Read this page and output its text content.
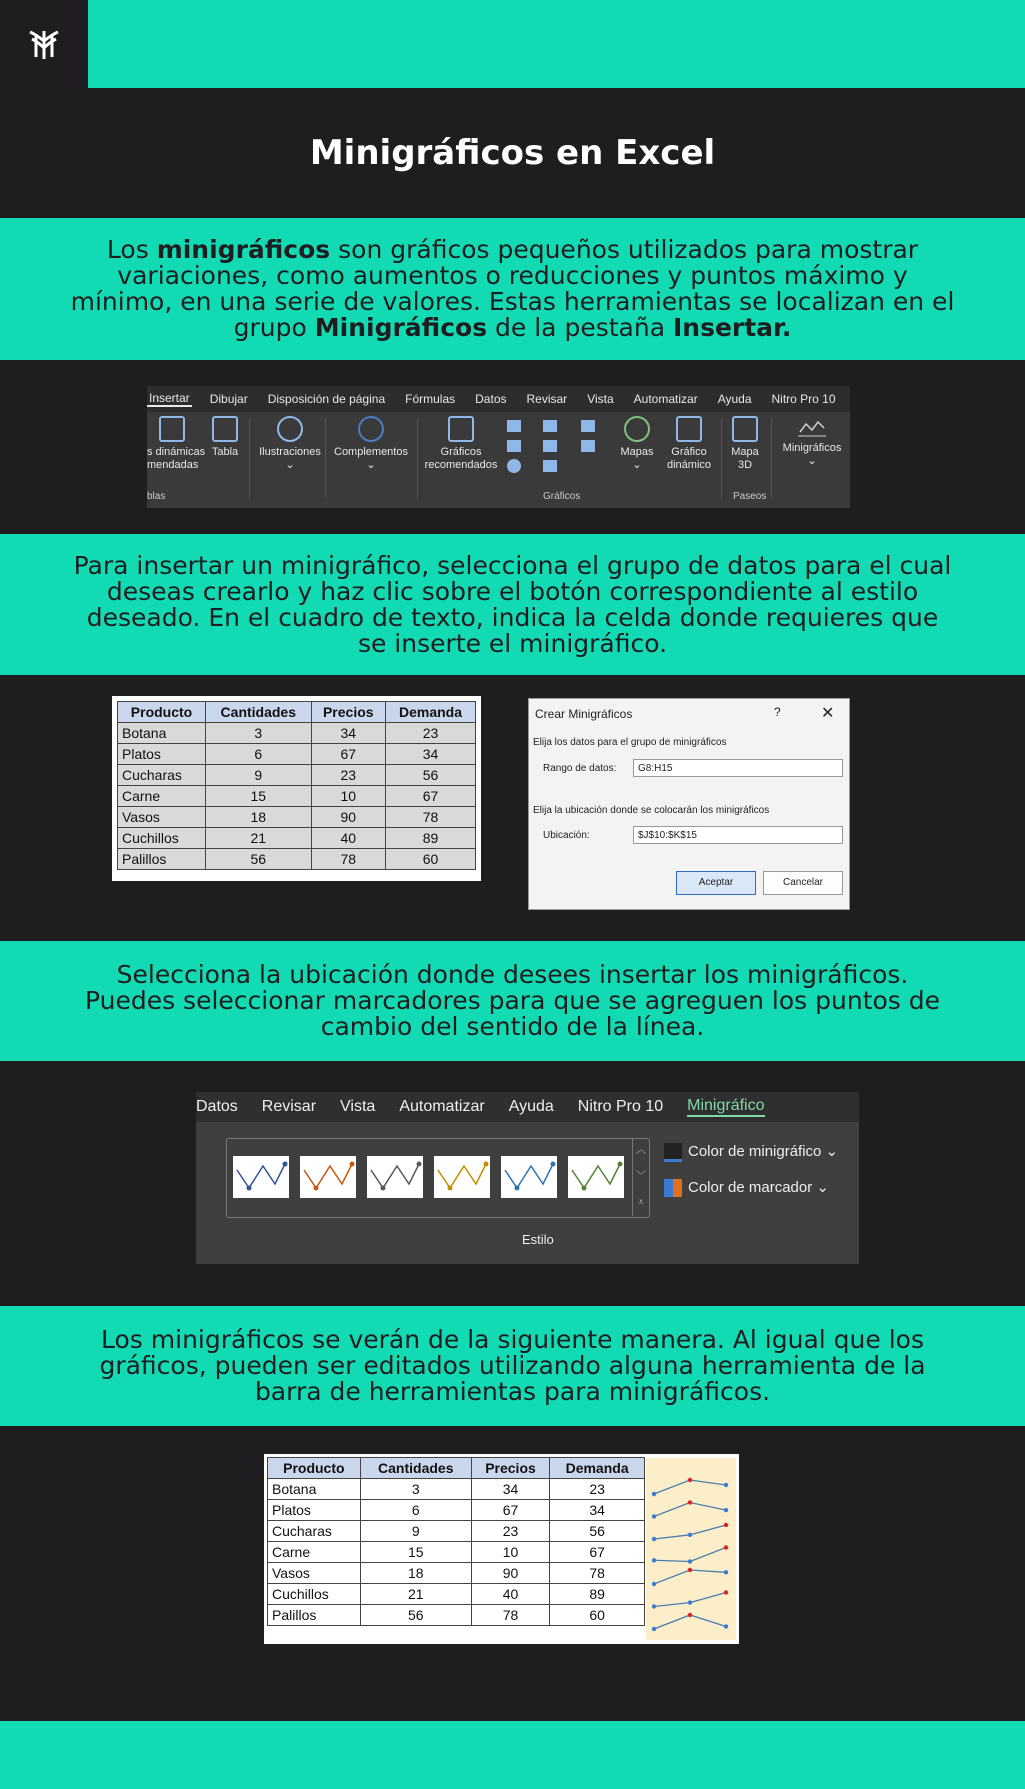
Minigráficos en Excel

Los minigráficos son gráficos pequeños utilizados para mostrar variaciones, como aumentos o reducciones y puntos máximo y mínimo, en una serie de valores. Estas herramientas se localizan en el grupo Minigráficos de la pestaña Insertar.

Insertar Dibujar Disposición de página Fórmulas Datos Revisar Vista Automatizar Ayuda Nitro Pro 10
s dinámicas
mendadas
Tabla	Ilustraciones
⌄
Complementos
⌄
Gráficos
recomendados
Mapas
⌄
Gráfico
dinámico
Mapa
3D
Minigráficos
⌄
blas	Gráficos	Paseos

Para insertar un minigráfico, selecciona el grupo de datos para el cual deseas crearlo y haz clic sobre el botón correspondiente al estilo deseado. En el cuadro de texto, indica la celda donde requieres que se inserte el minigráfico.

Producto	Cantidades	Precios	Demanda
Botana	3	34	23
Platos	6	67	34
Cucharas	9	23	56
Carne	15	10	67
Vasos	18	90	78
Cuchillos	21	40	89
Palillos	56	78	60
Crear Minigráficos	?	✕
Elija los datos para el grupo de minigráficos
Rango de datos:	G8:H15
Elija la ubicación donde se colocarán los minigráficos
Ubicación:	$J$10:$K$15
Aceptar	Cancelar

Selecciona la ubicación donde desees insertar los minigráficos. Puedes seleccionar marcadores para que se agreguen los puntos de cambio del sentido de la línea.

Datos Revisar Vista Automatizar Ayuda Nitro Pro 10 Minigráfico
︿
﹀
⩡
Color de minigráfico ⌄
Color de marcador ⌄
Estilo

Los minigráficos se verán de la siguiente manera. Al igual que los gráficos, pueden ser editados utilizando alguna herramienta de la barra de herramientas para minigráficos.

Producto	Cantidades	Precios	Demanda
Botana	3	34	23
Platos	6	67	34
Cucharas	9	23	56
Carne	15	10	67
Vasos	18	90	78
Cuchillos	21	40	89
Palillos	56	78	60
